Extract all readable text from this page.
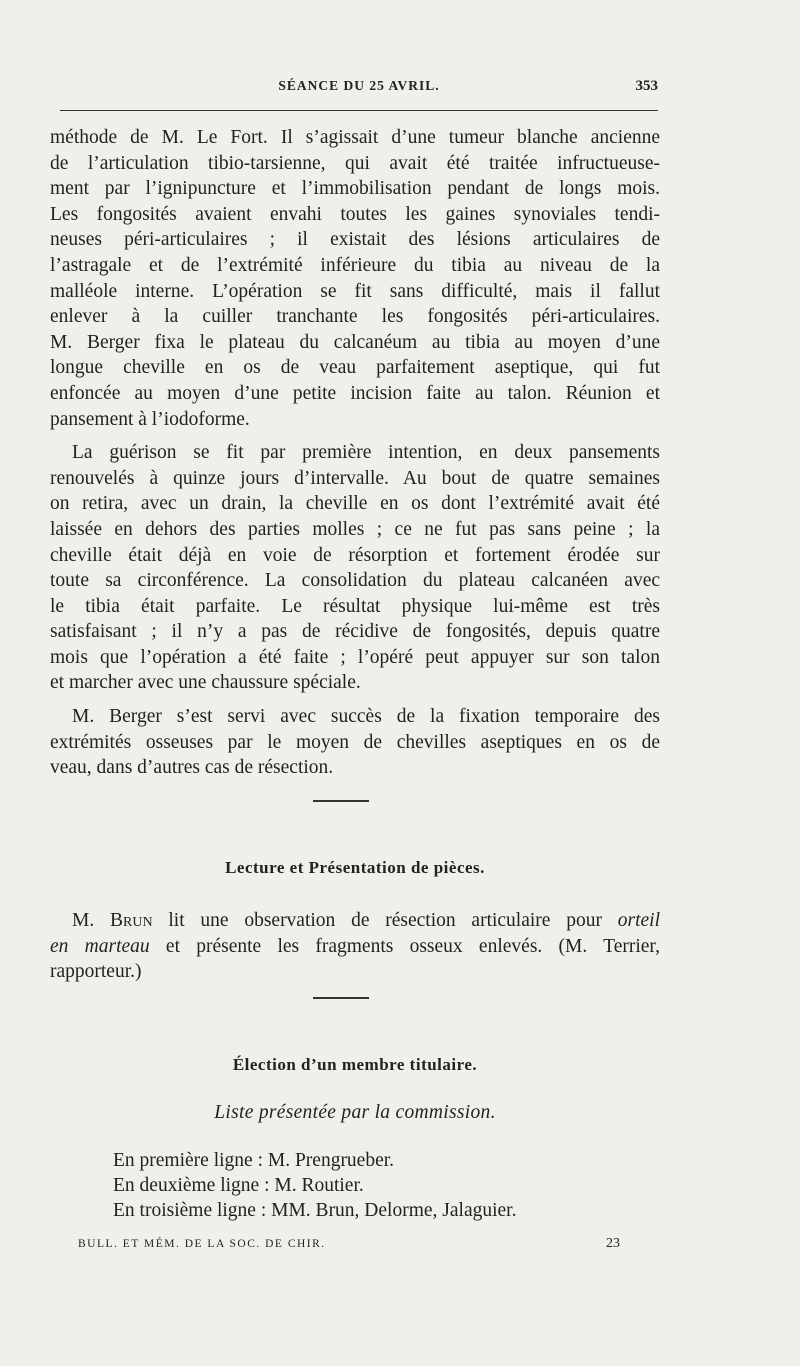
SÉANCE DU 25 AVRIL.	353

méthode de M. Le Fort. Il s’agissait d’une tumeur blanche ancienne
de l’articulation tibio-tarsienne, qui avait été traitée infructueuse-
ment par l’ignipuncture et l’immobilisation pendant de longs mois.
Les fongosités avaient envahi toutes les gaines synoviales tendi-
neuses péri-articulaires ; il existait des lésions articulaires de
l’astragale et de l’extrémité inférieure du tibia au niveau de la
malléole interne. L’opération se fit sans difficulté, mais il fallut
enlever à la cuiller tranchante les fongosités péri-articulaires.
M. Berger fixa le plateau du calcanéum au tibia au moyen d’une
longue cheville en os de veau parfaitement aseptique, qui fut
enfoncée au moyen d’une petite incision faite au talon. Réunion et
pansement à l’iodoforme.

La guérison se fit par première intention, en deux pansements
renouvelés à quinze jours d’intervalle. Au bout de quatre semaines
on retira, avec un drain, la cheville en os dont l’extrémité avait été
laissée en dehors des parties molles ; ce ne fut pas sans peine ; la
cheville était déjà en voie de résorption et fortement érodée sur
toute sa circonférence. La consolidation du plateau calcanéen avec
le tibia était parfaite. Le résultat physique lui-même est très
satisfaisant ; il n’y a pas de récidive de fongosités, depuis quatre
mois que l’opération a été faite ; l’opéré peut appuyer sur son talon
et marcher avec une chaussure spéciale.

M. Berger s’est servi avec succès de la fixation temporaire des
extrémités osseuses par le moyen de chevilles aseptiques en os de
veau, dans d’autres cas de résection.

Lecture et Présentation de pièces.
M. Brun lit une observation de résection articulaire pour orteil
en marteau et présente les fragments osseux enlevés. (M. Terrier,
rapporteur.)
Élection d’un membre titulaire.
Liste présentée par la commission.
En première ligne : M. Prengrueber.
En deuxième ligne : M. Routier.
En troisième ligne : MM. Brun, Delorme, Jalaguier.
BULL. ET MÉM. DE LA SOC. DE CHIR.	23
